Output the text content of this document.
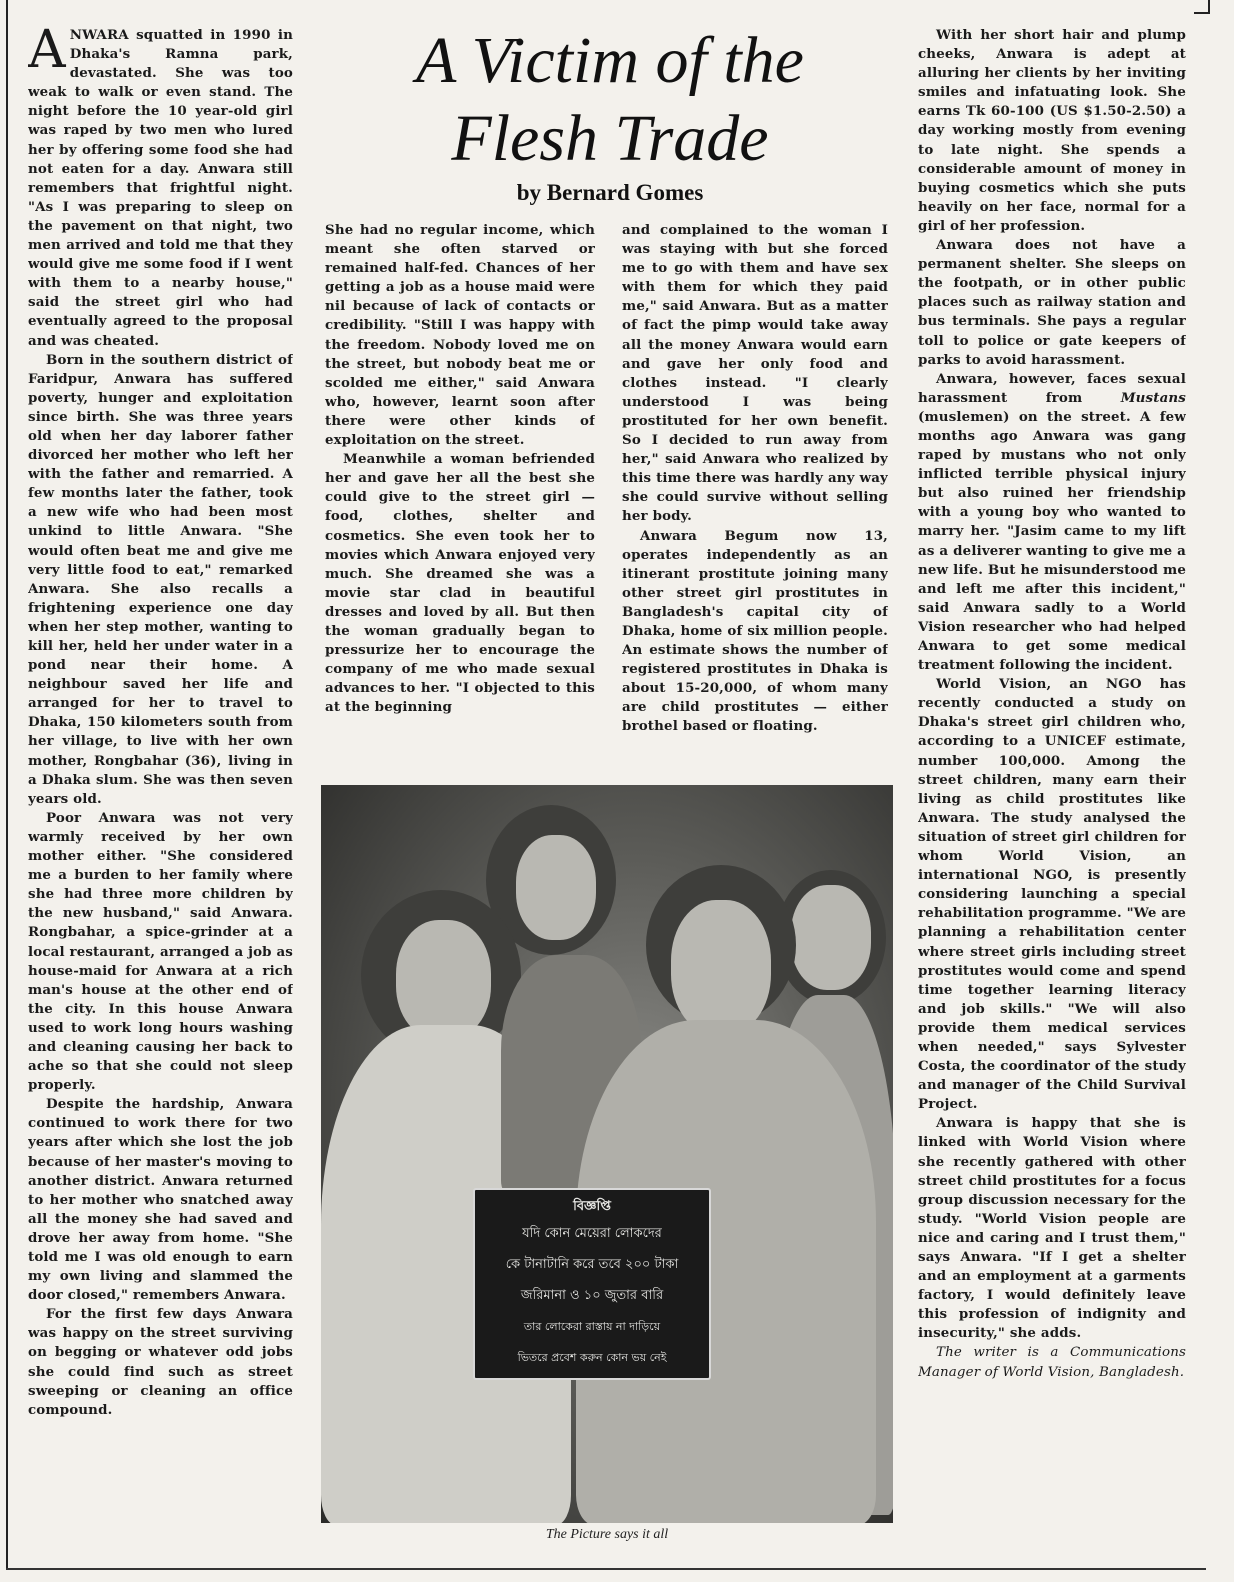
ANWARA squatted in 1990 in Dhaka's Ramna park, devastated. She was too weak to walk or even stand. The night before the 10 year-old girl was raped by two men who lured her by offering some food she had not eaten for a day. Anwara still remembers that frightful night. "As I was preparing to sleep on the pavement on that night, two men arrived and told me that they would give me some food if I went with them to a nearby house," said the street girl who had eventually agreed to the proposal and was cheated.

Born in the southern district of Faridpur, Anwara has suffered poverty, hunger and exploitation since birth. She was three years old when her day laborer father divorced her mother who left her with the father and remarried. A few months later the father, took a new wife who had been most unkind to little Anwara. "She would often beat me and give me very little food to eat," remarked Anwara. She also recalls a frightening experience one day when her step mother, wanting to kill her, held her under water in a pond near their home. A neighbour saved her life and arranged for her to travel to Dhaka, 150 kilometers south from her village, to live with her own mother, Rongbahar (36), living in a Dhaka slum. She was then seven years old.

Poor Anwara was not very warmly received by her own mother either. "She considered me a burden to her family where she had three more children by the new husband," said Anwara. Rongbahar, a spice-grinder at a local restaurant, arranged a job as house-maid for Anwara at a rich man's house at the other end of the city. In this house Anwara used to work long hours washing and cleaning causing her back to ache so that she could not sleep properly.

Despite the hardship, Anwara continued to work there for two years after which she lost the job because of her master's moving to another district. Anwara returned to her mother who snatched away all the money she had saved and drove her away from home. "She told me I was old enough to earn my own living and slammed the door closed," remembers Anwara.

For the first few days Anwara was happy on the street surviving on begging or whatever odd jobs she could find such as street sweeping or cleaning an office compound.

A Victim of the
Flesh Trade
by Bernard Gomes

She had no regular income, which meant she often starved or remained half-fed. Chances of her getting a job as a house maid were nil because of lack of contacts or credibility. "Still I was happy with the freedom. Nobody loved me on the street, but nobody beat me or scolded me either," said Anwara who, however, learnt soon after there were other kinds of exploitation on the street.

Meanwhile a woman befriended her and gave her all the best she could give to the street girl — food, clothes, shelter and cosmetics. She even took her to movies which Anwara enjoyed very much. She dreamed she was a movie star clad in beautiful dresses and loved by all. But then the woman gradually began to pressurize her to encourage the company of me who made sexual advances to her. "I objected to this at the beginning

and complained to the woman I was staying with but she forced me to go with them and have sex with them for which they paid me," said Anwara. But as a matter of fact the pimp would take away all the money Anwara would earn and gave her only food and clothes instead. "I clearly understood I was being prostituted for her own benefit. So I decided to run away from her," said Anwara who realized by this time there was hardly any way she could survive without selling her body.

Anwara Begum now 13, operates independently as an itinerant prostitute joining many other street girl prostitutes in Bangladesh's capital city of Dhaka, home of six million people. An estimate shows the number of registered prostitutes in Dhaka is about 15-20,000, of whom many are child prostitutes — either brothel based or floating.

With her short hair and plump cheeks, Anwara is adept at alluring her clients by her inviting smiles and infatuating look. She earns Tk 60-100 (US $1.50-2.50) a day working mostly from evening to late night. She spends a considerable amount of money in buying cosmetics which she puts heavily on her face, normal for a girl of her profession.

Anwara does not have a permanent shelter. She sleeps on the footpath, or in other public places such as railway station and bus terminals. She pays a regular toll to police or gate keepers of parks to avoid harassment.

Anwara, however, faces sexual harassment from Mustans (muslemen) on the street. A few months ago Anwara was gang raped by mustans who not only inflicted terrible physical injury but also ruined her friendship with a young boy who wanted to marry her. "Jasim came to my lift as a deliverer wanting to give me a new life. But he misunderstood me and left me after this incident," said Anwara sadly to a World Vision researcher who had helped Anwara to get some medical treatment following the incident.

World Vision, an NGO has recently conducted a study on Dhaka's street girl children who, according to a UNICEF estimate, number 100,000. Among the street children, many earn their living as child prostitutes like Anwara. The study analysed the situation of street girl children for whom World Vision, an international NGO, is presently considering launching a special rehabilitation programme. "We are planning a rehabilitation center where street girls including street prostitutes would come and spend time together learning literacy and job skills." "We will also provide them medical services when needed," says Sylvester Costa, the coordinator of the study and manager of the Child Survival Project.

Anwara is happy that she is linked with World Vision where she recently gathered with other street child prostitutes for a focus group discussion necessary for the study. "World Vision people are nice and caring and I trust them," says Anwara. "If I get a shelter and an employment at a garments factory, I would definitely leave this profession of indignity and insecurity," she adds.

The writer is a Communications Manager of World Vision, Bangladesh.

বিজ্ঞপ্তি
যদি কোন মেয়েরা লোকদের
কে টানাটানি করে তবে ২০০ টাকা
জরিমানা ও ১০ জুতার বারি
তার লোকেরা রাস্তায় না দাড়িয়ে
ভিতরে প্রবেশ করুন কোন ভয় নেই
The Picture says it all
